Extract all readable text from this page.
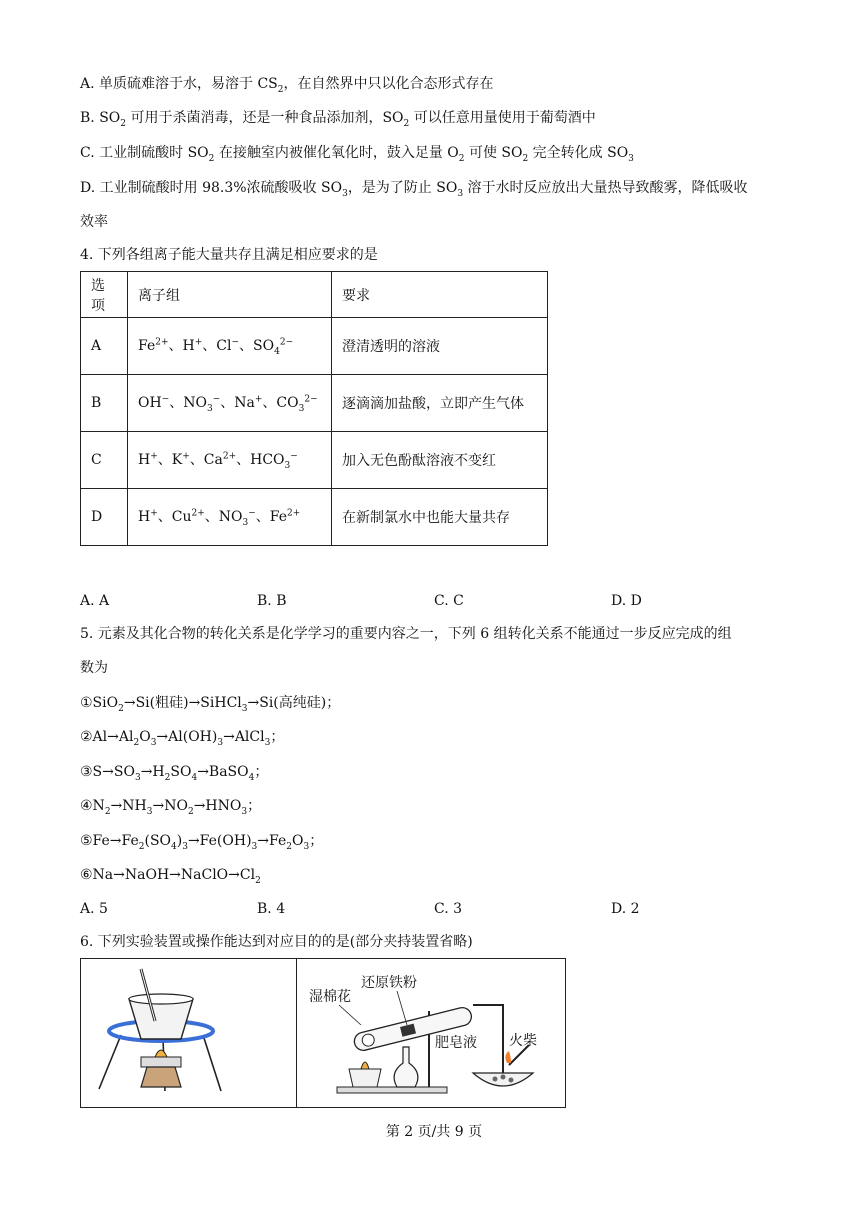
A. 单质硫难溶于水，易溶于 $CS_2$，在自然界中只以化合态形式存在
B. $SO_2$ 可用于杀菌消毒，还是一种食品添加剂，$SO_2$ 可以任意用量使用于葡萄酒中
C. 工业制硫酸时 $SO_2$ 在接触室内被催化氧化时，鼓入足量 $O_2$ 可使 $SO_2$ 完全转化成 $SO_3$
D. 工业制硫酸时用 98.3%浓硫酸吸收 $SO_3$，是为了防止 $SO_3$ 溶于水时反应放出大量热导致酸雾，降低吸收
效率
4. 下列各组离子能大量共存且满足相应要求的是
选项	离子组	要求
A	$Fe^{2+}$、H+、Cl−、$SO_4^{2-}$	澄清透明的溶液
B	OH−、$NO_3^-$、Na+、$CO_3^{2-}$	逐滴滴加盐酸，立即产生气体
C	H+、K+、$Ca^{2+}$、$HCO_3^-$	加入无色酚酞溶液不变红
D	H+、$Cu^{2+}$、$NO_3^-$、$Fe^{2+}$	在新制氯水中也能大量共存
A. A	B. B	C. C	D. D
5. 元素及其化合物的转化关系是化学学习的重要内容之一，下列 6 组转化关系不能通过一步反应完成的组
数为
①SiO$_2$→Si(粗硅)→SiHCl$_3$→Si(高纯硅)；
$②Al\to Al_2O_3\to Al(OH)_3\to AlCl_3$；
$③S\to SO_3\to H_2SO_4\to BaSO_4$；
$④N_2\to NH_3\to NO_2\to HNO_3$；
$⑤Fe\to Fe_2(SO_4)_3\to Fe(OH)_3\to Fe_2O_3$；
$⑥Na\to NaOH\to NaClO\to Cl_2$
A. 5	B. 4	C. 3	D. 2
6. 下列实验装置或操作能达到对应目的的是(部分夹持装置省略)
湿棉花
还原铁粉
肥皂液 火柴
第 2 页/共 9 页
